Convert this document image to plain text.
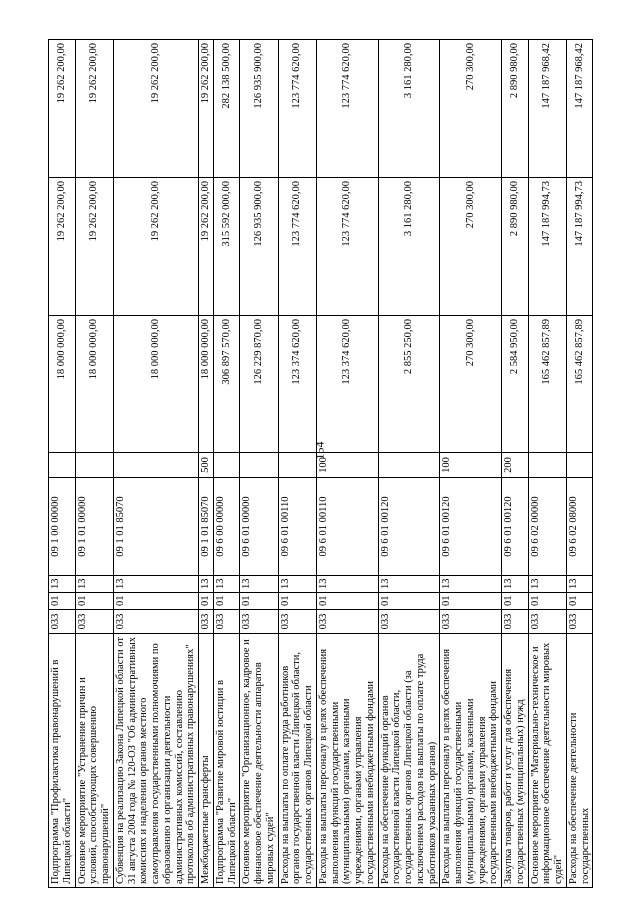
154
Подпрограмма "Профилактика правонарушений в Липецкой области"	033	01	13	09 1 00 00000		18 000 000,00	19 262 200,00	19 262 200,00
Основное мероприятие "Устранение причин и условий, способствующих совершению правонарушений"	033	01	13	09 1 01 00000		18 000 000,00	19 262 200,00	19 262 200,00
Субвенция на реализацию Закона Липецкой области от 31 августа 2004 года № 120-ОЗ "Об административных комиссиях и наделении органов местного самоуправления государственными полномочиями по образованию и организации деятельности административных комиссий, составлению протоколов об административных правонарушениях"	033	01	13	09 1 01 85070		18 000 000,00	19 262 200,00	19 262 200,00
Межбюджетные трансферты	033	01	13	09 1 01 85070	500	18 000 000,00	19 262 200,00	19 262 200,00
Подпрограмма "Развитие мировой юстиции в Липецкой области"	033	01	13	09 6 00 00000		306 897 570,00	315 592 000,00	282 138 500,00
Основное мероприятие "Организационное, кадровое и финансовое обеспечение деятельности аппаратов мировых судей"	033	01	13	09 6 01 00000		126 229 870,00	126 935 900,00	126 935 900,00
Расходы на выплаты по оплате труда работников органов государственной власти Липецкой области, государственных органов Липецкой области	033	01	13	09 6 01 00110		123 374 620,00	123 774 620,00	123 774 620,00
Расходы на выплаты персоналу в целях обеспечения выполнения функций государственными (муниципальными) органами, казенными учреждениями, органами управления государственными внебюджетными фондами	033	01	13	09 6 01 00110	100	123 374 620,00	123 774 620,00	123 774 620,00
Расходы на обеспечение функций органов государственной власти Липецкой области, государственных органов Липецкой области (за исключением расходов на выплаты по оплате труда работников указанных органов)	033	01	13	09 6 01 00120		2 855 250,00	3 161 280,00	3 161 280,00
Расходы на выплаты персоналу в целях обеспечения выполнения функций государственными (муниципальными) органами, казенными учреждениями, органами управления государственными внебюджетными фондами	033	01	13	09 6 01 00120	100	270 300,00	270 300,00	270 300,00
Закупка товаров, работ и услуг для обеспечения государственных (муниципальных) нужд	033	01	13	09 6 01 00120	200	2 584 950,00	2 890 980,00	2 890 980,00
Основное мероприятие "Материально-техническое и информационное обеспечение деятельности мировых судей"	033	01	13	09 6 02 00000		165 462 857,89	147 187 994,73	147 187 968,42
Расходы на обеспечение деятельности государственных	033	01	13	09 6 02 08000		165 462 857,89	147 187 994,73	147 187 968,42
